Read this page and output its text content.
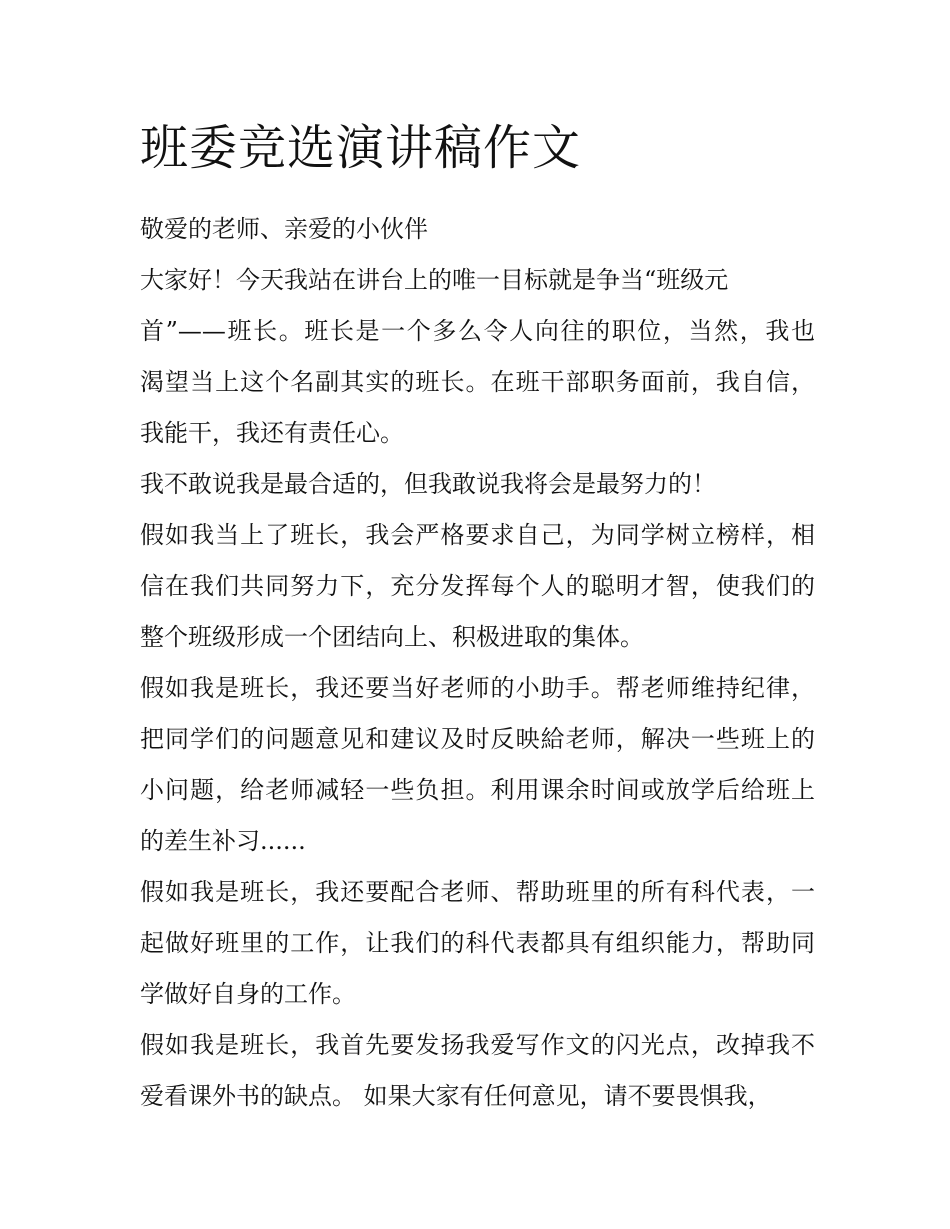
班委竞选演讲稿作文
敬爱的老师、亲爱的小伙伴
大家好！今天我站在讲台上的唯一目标就是争当“班级元
首”——班长。班长是一个多么令人向往的职位，当然，我也
渴望当上这个名副其实的班长。在班干部职务面前，我自信，
我能干，我还有责任心。
我不敢说我是最合适的，但我敢说我将会是最努力的！
假如我当上了班长，我会严格要求自己，为同学树立榜样，相
信在我们共同努力下，充分发挥每个人的聪明才智，使我们的
整个班级形成一个团结向上、积极进取的集体。
假如我是班长，我还要当好老师的小助手。帮老师维持纪律，
把同学们的问题意见和建议及时反映給老师，解决一些班上的
小问题，给老师减轻一些负担。利用课余时间或放学后给班上
的差生补习......
假如我是班长，我还要配合老师、帮助班里的所有科代表，一
起做好班里的工作，让我们的科代表都具有组织能力，帮助同
学做好自身的工作。
假如我是班长，我首先要发扬我爱写作文的闪光点，改掉我不
爱看课外书的缺点。 如果大家有任何意见，请不要畏惧我，
